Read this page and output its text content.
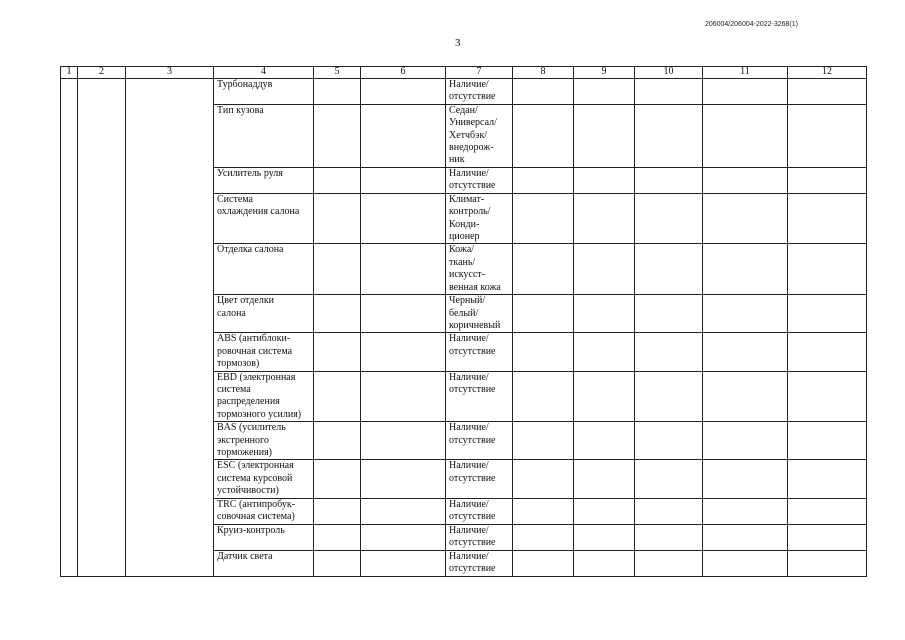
206004/206004-2022-3268(1)
3
1	2	3	4	5	6	7	8	9	10	11	12
			Турбонаддув			Наличие/
отсутствие					
			Тип кузова			Седан/
Универсал/
Хетчбэк/
внедорож-
ник					
			Усилитель руля			Наличие/
отсутствие					
			Система
охлаждения салона			Климат-
контроль/
Конди-
ционер					
			Отделка салона			Кожа/
ткань/
искусст-
венная кожа					
			Цвет отделки
салона			Черный/
белый/
коричневый					
			ABS (антиблоки-
ровочная система
тормозов)			Наличие/
отсутствие					
			EBD (электронная
система
распределения
тормозного усилия)			Наличие/
отсутствие					
			BAS (усилитель
экстренного
торможения)			Наличие/
отсутствие					
			ESC (электронная
система курсовой
устойчивости)			Наличие/
отсутствие					
			TRC (антипробук-
совочная система)			Наличие/
отсутствие					
			Круиз-контроль			Наличие/
отсутствие					
			Датчик света			Наличие/
отсутствие					
